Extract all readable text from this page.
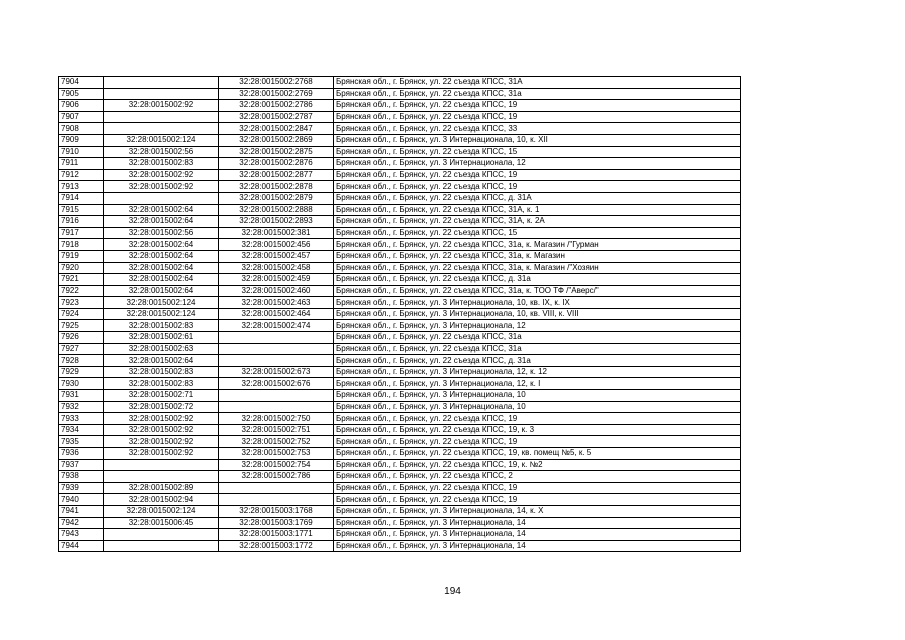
7904		32:28:0015002:2768	Брянская обл., г. Брянск, ул. 22 съезда КПСС, 31А
7905		32:28:0015002:2769	Брянская обл., г. Брянск, ул. 22 съезда КПСС, 31а
7906	32:28:0015002:92	32:28:0015002:2786	Брянская обл., г. Брянск, ул. 22 съезда КПСС, 19
7907		32:28:0015002:2787	Брянская обл., г. Брянск, ул. 22 съезда КПСС, 19
7908		32:28:0015002:2847	Брянская обл., г. Брянск, ул. 22 съезда КПСС, 33
7909	32:28:0015002:124	32:28:0015002:2869	Брянская обл., г. Брянск, ул. 3 Интернационала, 10, к. XII
7910	32:28:0015002:56	32:28:0015002:2875	Брянская обл., г. Брянск, ул. 22 съезда КПСС, 15
7911	32:28:0015002:83	32:28:0015002:2876	Брянская обл., г. Брянск, ул. 3 Интернационала, 12
7912	32:28:0015002:92	32:28:0015002:2877	Брянская обл., г. Брянск, ул. 22 съезда КПСС, 19
7913	32:28:0015002:92	32:28:0015002:2878	Брянская обл., г. Брянск, ул. 22 съезда КПСС, 19
7914		32:28:0015002:2879	Брянская обл., г. Брянск, ул. 22 съезда КПСС, д. 31А
7915	32:28:0015002:64	32:28:0015002:2888	Брянская обл., г. Брянск, ул. 22 съезда КПСС, 31А, к. 1
7916	32:28:0015002:64	32:28:0015002:2893	Брянская обл., г. Брянск, ул. 22 съезда КПСС, 31А, к. 2А
7917	32:28:0015002:56	32:28:0015002:381	Брянская обл., г. Брянск, ул. 22 съезда КПСС, 15
7918	32:28:0015002:64	32:28:0015002:456	Брянская обл., г. Брянск, ул. 22 съезда КПСС, 31а, к. Магазин /"Гурман
7919	32:28:0015002:64	32:28:0015002:457	Брянская обл., г. Брянск, ул. 22 съезда КПСС, 31а, к. Магазин
7920	32:28:0015002:64	32:28:0015002:458	Брянская обл., г. Брянск, ул. 22 съезда КПСС, 31а, к. Магазин /"Хозяин
7921	32:28:0015002:64	32:28:0015002:459	Брянская обл., г. Брянск, ул. 22 съезда КПСС, д. 31а
7922	32:28:0015002:64	32:28:0015002:460	Брянская обл., г. Брянск, ул. 22 съезда КПСС, 31а, к. ТОО ТФ /"Аверс/"
7923	32:28:0015002:124	32:28:0015002:463	Брянская обл., г. Брянск, ул. 3 Интернационала, 10, кв. IX, к. IX
7924	32:28:0015002:124	32:28:0015002:464	Брянская обл., г. Брянск, ул. 3 Интернационала, 10, кв. VIII, к. VIII
7925	32:28:0015002:83	32:28:0015002:474	Брянская обл., г. Брянск, ул. 3 Интернационала, 12
7926	32:28:0015002:61		Брянская обл., г. Брянск, ул. 22 съезда КПСС, 31а
7927	32:28:0015002:63		Брянская обл., г. Брянск, ул. 22 съезда КПСС, 31а
7928	32:28:0015002:64		Брянская обл., г. Брянск, ул. 22 съезда КПСС, д. 31а
7929	32:28:0015002:83	32:28:0015002:673	Брянская обл., г. Брянск, ул. 3 Интернационала, 12, к. 12
7930	32:28:0015002:83	32:28:0015002:676	Брянская обл., г. Брянск, ул. 3 Интернационала, 12, к. I
7931	32:28:0015002:71		Брянская обл., г. Брянск, ул. 3 Интернационала, 10
7932	32:28:0015002:72		Брянская обл., г. Брянск, ул. 3 Интернационала, 10
7933	32:28:0015002:92	32:28:0015002:750	Брянская обл., г. Брянск, ул. 22 съезда КПСС, 19
7934	32:28:0015002:92	32:28:0015002:751	Брянская обл., г. Брянск, ул. 22 съезда КПСС, 19, к. 3
7935	32:28:0015002:92	32:28:0015002:752	Брянская обл., г. Брянск, ул. 22 съезда КПСС, 19
7936	32:28:0015002:92	32:28:0015002:753	Брянская обл., г. Брянск, ул. 22 съезда КПСС, 19, кв. помещ №5, к. 5
7937		32:28:0015002:754	Брянская обл., г. Брянск, ул. 22 съезда КПСС, 19, к. №2
7938		32:28:0015002:786	Брянская обл., г. Брянск, ул. 22 съезда КПСС, 2
7939	32:28:0015002:89		Брянская обл., г. Брянск, ул. 22 съезда КПСС, 19
7940	32:28:0015002:94		Брянская обл., г. Брянск, ул. 22 съезда КПСС, 19
7941	32:28:0015002:124	32:28:0015003:1768	Брянская обл., г. Брянск, ул. 3 Интернационала, 14, к. X
7942	32:28:0015006:45	32:28:0015003:1769	Брянская обл., г. Брянск, ул. 3 Интернационала, 14
7943		32:28:0015003:1771	Брянская обл., г. Брянск, ул. 3 Интернационала, 14
7944		32:28:0015003:1772	Брянская обл., г. Брянск, ул. 3 Интернационала, 14
194
